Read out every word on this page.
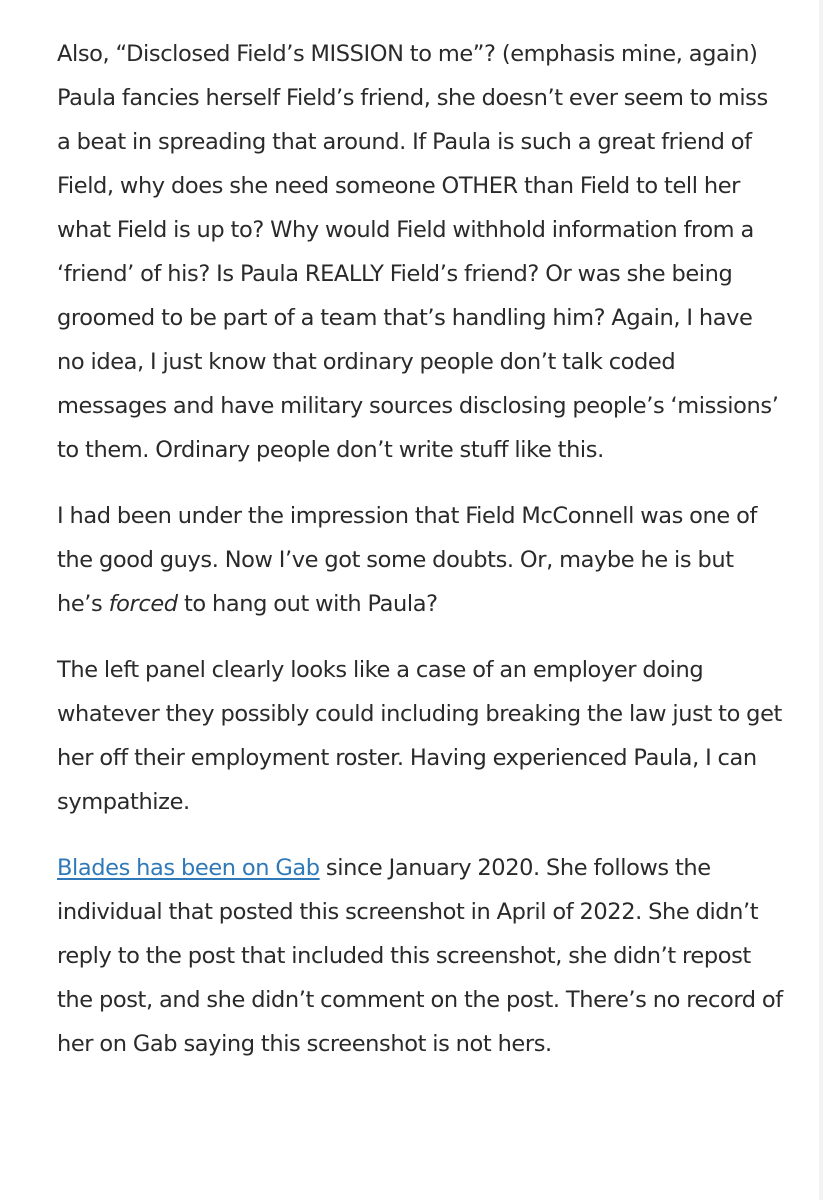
Also, “Disclosed Field’s MISSION to me”? (emphasis mine, again) Paula fancies herself Field’s friend, she doesn’t ever seem to miss a beat in spreading that around. If Paula is such a great friend of Field, why does she need someone OTHER than Field to tell her what Field is up to? Why would Field withhold information from a ‘friend’ of his? Is Paula REALLY Field’s friend? Or was she being groomed to be part of a team that’s handling him? Again, I have no idea, I just know that ordinary people don’t talk coded messages and have military sources disclosing people’s ‘missions’ to them. Ordinary people don’t write stuff like this.

I had been under the impression that Field McConnell was one of the good guys. Now I’ve got some doubts. Or, maybe he is but he’s forced to hang out with Paula?

The left panel clearly looks like a case of an employer doing whatever they possibly could including breaking the law just to get her off their employment roster. Having experienced Paula, I can sympathize.

Blades has been on Gab since January 2020. She follows the individual that posted this screenshot in April of 2022. She didn’t reply to the post that included this screenshot, she didn’t repost the post, and she didn’t comment on the post. There’s no record of her on Gab saying this screenshot is not hers.
